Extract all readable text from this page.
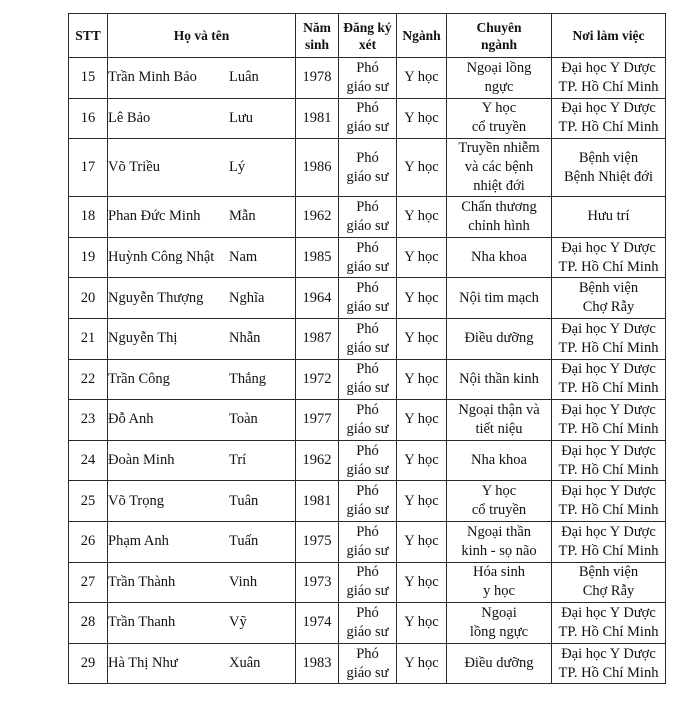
STT	Họ và tên	Năm
sinh	Đăng ký
xét	Ngành	Chuyên
ngành	Nơi làm việc
15	Trần Minh Bảo Luân	1978	Phó
giáo sư	Y học	Ngoại lồng
ngực	Đại học Y Dược
TP. Hồ Chí Minh

16	Lê Bảo Lưu	1981	Phó
giáo sư	Y học	Y học
cổ truyền	Đại học Y Dược
TP. Hồ Chí Minh

17	Võ Triều Lý	1986	Phó
giáo sư	Y học	Truyền nhiễm
và các bệnh
nhiệt đới	Bệnh viện
Bệnh Nhiệt đới

18	Phan Đức Minh Mẫn	1962	Phó
giáo sư	Y học	Chấn thương
chỉnh hình	Hưu trí

19	Huỳnh Công Nhật Nam	1985	Phó
giáo sư	Y học	Nha khoa	Đại học Y Dược
TP. Hồ Chí Minh

20	Nguyễn Thượng Nghĩa	1964	Phó
giáo sư	Y học	Nội tim mạch	Bệnh viện
Chợ Rẫy

21	Nguyễn Thị Nhẫn	1987	Phó
giáo sư	Y học	Điều dưỡng	Đại học Y Dược
TP. Hồ Chí Minh

22	Trần Công Thắng	1972	Phó
giáo sư	Y học	Nội thần kinh	Đại học Y Dược
TP. Hồ Chí Minh

23	Đỗ Anh Toàn	1977	Phó
giáo sư	Y học	Ngoại thận và
tiết niệu	Đại học Y Dược
TP. Hồ Chí Minh

24	Đoàn Minh Trí	1962	Phó
giáo sư	Y học	Nha khoa	Đại học Y Dược
TP. Hồ Chí Minh

25	Võ Trọng Tuân	1981	Phó
giáo sư	Y học	Y học
cổ truyền	Đại học Y Dược
TP. Hồ Chí Minh

26	Phạm Anh Tuấn	1975	Phó
giáo sư	Y học	Ngoại thần
kinh - sọ não	Đại học Y Dược
TP. Hồ Chí Minh

27	Trần Thành Vinh	1973	Phó
giáo sư	Y học	Hóa sinh
y học	Bệnh viện
Chợ Rẫy

28	Trần Thanh Vỹ	1974	Phó
giáo sư	Y học	Ngoại
lồng ngực	Đại học Y Dược
TP. Hồ Chí Minh

29	Hà Thị Như Xuân	1983	Phó
giáo sư	Y học	Điều dưỡng	Đại học Y Dược
TP. Hồ Chí Minh
